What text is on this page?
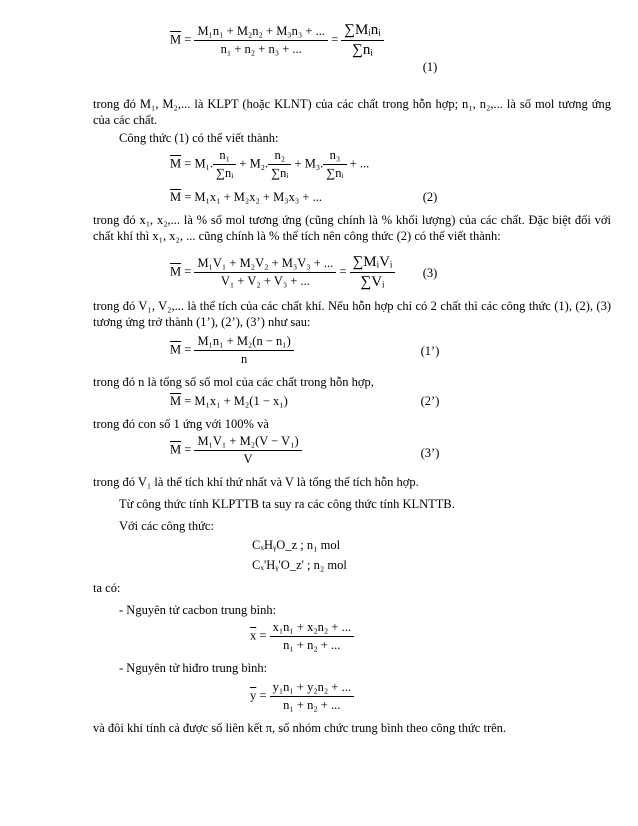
$\overline{M} = \frac{\text{M₁n₁ + M₂n₂ + M₃n₃ + ...}}{\text{n₁ + n₂ + n₃ + ...}} = \frac{\text{∑Mᵢnᵢ}}{\text{∑nᵢ}}$
(1)
trong đó M₁, M₂,... là KLPT (hoặc KLNT) của các chất trong hỗn hợp; n₁, n₂,... là số mol tương ứng của các chất.
Công thức (1) có thể viết thành:
$\overline{M} = M_1$. $\frac{\text{n₁}}{\text{∑nᵢ}} + M_2$. $\frac{\text{n₂}}{\text{∑nᵢ}} + M_3$. $\frac{\text{n₃}}{\text{∑nᵢ}}$ + ...
$\overline{M} = M_1x_1 + M_2x_2 + M_3x_3$ + ...	(2)
trong đó x₁, x₂,... là % số mol tương ứng (cũng chính là % khối lượng) của các chất. Đặc biệt đối với chất khí thì x₁, x₂, ... cũng chính là % thể tích nên công thức (2) có thể viết thành:
$\overline{M} = \frac{\text{M₁V₁ + M₂V₂ + M₃V₃ + ...}}{\text{V₁ + V₂ + V₃ + ...}} = \frac{\text{∑MᵢVᵢ}}{\text{∑Vᵢ}}$	(3)
trong đó V₁, V₂,... là thể tích của các chất khí. Nếu hỗn hợp chỉ có 2 chất thì các công thức (1), (2), (3) tương ứng trở thành (1’), (2’), (3’) như sau:
$\overline{M} = \frac{\text{M₁n₁ + M₂(n − n₁)}}{n}$	(1’)
trong đó n là tổng số số mol của các chất trong hỗn hợp,
$\overline{M} = M_1x_1 + M_2(1 - x_1)$	(2’)
trong đó con số 1 ứng với 100% và
$\overline{M} = \frac{\text{M₁V₁ + M₂(V − V₁)}}{V}$	(3’)
trong đó V₁ là thể tích khí thứ nhất và V là tổng thể tích hỗn hợp.
Từ công thức tính KLPTTB ta suy ra các công thức tính KLNTTB.
Với các công thức:
CₓHᵧO_z ; n₁ mol
Cₓ'Hᵧ'O_z' ; n₂ mol
ta có:
- Nguyên tử cacbon trung bình:
$\overline{x} = \frac{\text{x₁n₁ + x₂n₂ + ...}}{\text{n₁ + n₂ + ...}}$
- Nguyên tử hiđro trung bình:
$\overline{y} = \frac{\text{y₁n₁ + y₂n₂ + ...}}{\text{n₁ + n₂ + ...}}$
và đôi khi tính cả được số liên kết π, số nhóm chức trung bình theo công thức trên.
